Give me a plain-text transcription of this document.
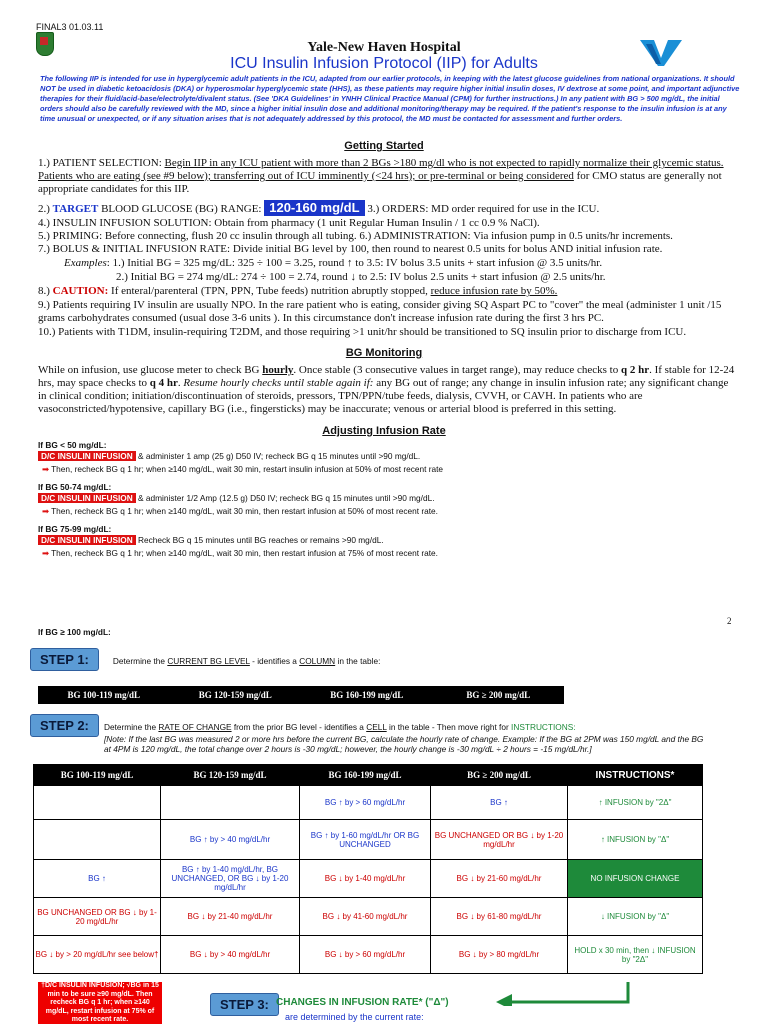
FINAL3 01.03.11
Yale-New Haven Hospital
ICU Insulin Infusion Protocol (IIP) for Adults
The following IIP is intended for use in hyperglycemic adult patients in the ICU, adapted from our earlier protocols, in keeping with the latest glucose guidelines from national organizations. It should NOT be used in diabetic ketoacidosis (DKA) or hyperosmolar hyperglycemic state (HHS), as these patients may require higher initial insulin doses, IV dextrose at some point, and important adjunctive therapies for their fluid/acid-base/electrolyte/divalent status. (See 'DKA Guidelines' in YNHH Clinical Practice Manual (CPM) for further instructions.) In any patient with BG > 500 mg/dL, the initial orders should also be carefully reviewed with the MD, since a higher initial insulin dose and additional monitoring/therapy may be required. If the patient's response to the insulin infusion is at any time unusual or unexpected, or if any situation arises that is not adequately addressed by this protocol, the MD must be contacted for assessment and further orders.
Getting Started
1.) PATIENT SELECTION: Begin IIP in any ICU patient with more than 2 BGs >180 mg/dl who is not expected to rapidly normalize their glycemic status. Patients who are eating (see #9 below); transferring out of ICU imminently (<24 hrs); or pre-terminal or being considered for CMO status are generally not appropriate candidates for this IIP.
2.) TARGET BLOOD GLUCOSE (BG) RANGE: 120-160 mg/dL 3.) ORDERS: MD order required for use in the ICU.
4.) INSULIN INFUSION SOLUTION: Obtain from pharmacy (1 unit Regular Human Insulin / 1 cc 0.9 % NaCl).
5.) PRIMING: Before connecting, flush 20 cc insulin through all tubing. 6.) ADMINISTRATION: Via infusion pump in 0.5 units/hr increments.
7.) BOLUS & INITIAL INFUSION RATE: Divide initial BG level by 100, then round to nearest 0.5 units for bolus AND initial infusion rate.
Examples: 1.) Initial BG = 325 mg/dL: 325 ÷ 100 = 3.25, round ↑ to 3.5: IV bolus 3.5 units + start infusion @ 3.5 units/hr.
2.) Initial BG = 274 mg/dL: 274 ÷ 100 = 2.74, round ↓ to 2.5: IV bolus 2.5 units + start infusion @ 2.5 units/hr.
8.) CAUTION: If enteral/parenteral (TPN, PPN, Tube feeds) nutrition abruptly stopped, reduce infusion rate by 50%.
9.) Patients requiring IV insulin are usually NPO. In the rare patient who is eating, consider giving SQ Aspart PC to "cover" the meal (administer 1 unit /15 grams carbohydrates consumed (usual dose 3-6 units ). In this circumstance don't increase infusion rate during the first 3 hrs PC.
10.) Patients with T1DM, insulin-requiring T2DM, and those requiring >1 unit/hr should be transitioned to SQ insulin prior to discharge from ICU.
BG Monitoring
While on infusion, use glucose meter to check BG hourly. Once stable (3 consecutive values in target range), may reduce checks to q 2 hr. If stable for 12-24 hrs, may space checks to q 4 hr. Resume hourly checks until stable again if: any BG out of range; any change in insulin infusion rate; any significant change in clinical condition; initiation/discontinuation of steroids, pressors, TPN/PPN/tube feeds, dialysis, CVVH, or CAVH. In patients who are vasoconstricted/hypotensive, capillary BG (i.e., fingersticks) may be inaccurate; venous or arterial blood is preferred in this setting.
Adjusting Infusion Rate
If BG < 50 mg/dL:
D/C INSULIN INFUSION & administer 1 amp (25 g) D50 IV; recheck BG q 15 minutes until >90 mg/dL.
➡ Then, recheck BG q 1 hr; when ≥140 mg/dL, wait 30 min, restart insulin infusion at 50% of most recent rate
If BG 50-74 mg/dL:
D/C INSULIN INFUSION & administer 1/2 Amp (12.5 g) D50 IV; recheck BG q 15 minutes until >90 mg/dL.
➡ Then, recheck BG q 1 hr; when ≥140 mg/dL, wait 30 min, then restart infusion at 50% of most recent rate.
If BG 75-99 mg/dL:
D/C INSULIN INFUSION Recheck BG q 15 minutes until BG reaches or remains >90 mg/dL.
➡ Then, recheck BG q 1 hr; when ≥140 mg/dL, wait 30 min, then restart infusion at 75% of most recent rate.
2
If BG ≥ 100 mg/dL:
STEP 1:	Determine the CURRENT BG LEVEL - identifies a COLUMN in the table:
BG 100-119 mg/dL	BG 120-159 mg/dL	BG 160-199 mg/dL	BG ≥ 200 mg/dL
STEP 2:	Determine the RATE OF CHANGE from the prior BG level - identifies a CELL in the table - Then move right for INSTRUCTIONS:
[Note: If the last BG was measured 2 or more hrs before the current BG, calculate the hourly rate of change. Example: If the BG at 2PM was 150 mg/dL and the BG at 4PM is 120 mg/dL, the total change over 2 hours is -30 mg/dL; however, the hourly change is -30 mg/dL ÷ 2 hours = -15 mg/dL/hr.]
BG 100-119 mg/dL	BG 120-159 mg/dL	BG 160-199 mg/dL	BG ≥ 200 mg/dL	INSTRUCTIONS*
		BG ↑ by > 60 mg/dL/hr	BG ↑	↑ INFUSION by "2Δ"
	BG ↑ by > 40 mg/dL/hr	BG ↑ by 1-60 mg/dL/hr OR BG UNCHANGED	BG UNCHANGED OR BG ↓ by 1-20 mg/dL/hr	↑ INFUSION by "Δ"
BG ↑	BG ↑ by 1-40 mg/dL/hr, BG UNCHANGED, OR BG ↓ by 1-20 mg/dL/hr	BG ↓ by 1-40 mg/dL/hr	BG ↓ by 21-60 mg/dL/hr	NO INFUSION CHANGE
BG UNCHANGED OR BG ↓ by 1-20 mg/dL/hr	BG ↓ by 21-40 mg/dL/hr	BG ↓ by 41-60 mg/dL/hr	BG ↓ by 61-80 mg/dL/hr	↓ INFUSION by "Δ"
BG ↓ by > 20 mg/dL/hr see below†	BG ↓ by > 40 mg/dL/hr	BG ↓ by > 60 mg/dL/hr	BG ↓ by > 80 mg/dL/hr	HOLD x 30 min, then ↓ INFUSION by "2Δ"
†D/C INSULIN INFUSION; √BG in 15 min to be sure ≥90 mg/dL. Then recheck BG q 1 hr; when ≥140 mg/dL, restart infusion at 75% of most recent rate.
STEP 3: CHANGES IN INFUSION RATE* ("Δ")
are determined by the current rate:
